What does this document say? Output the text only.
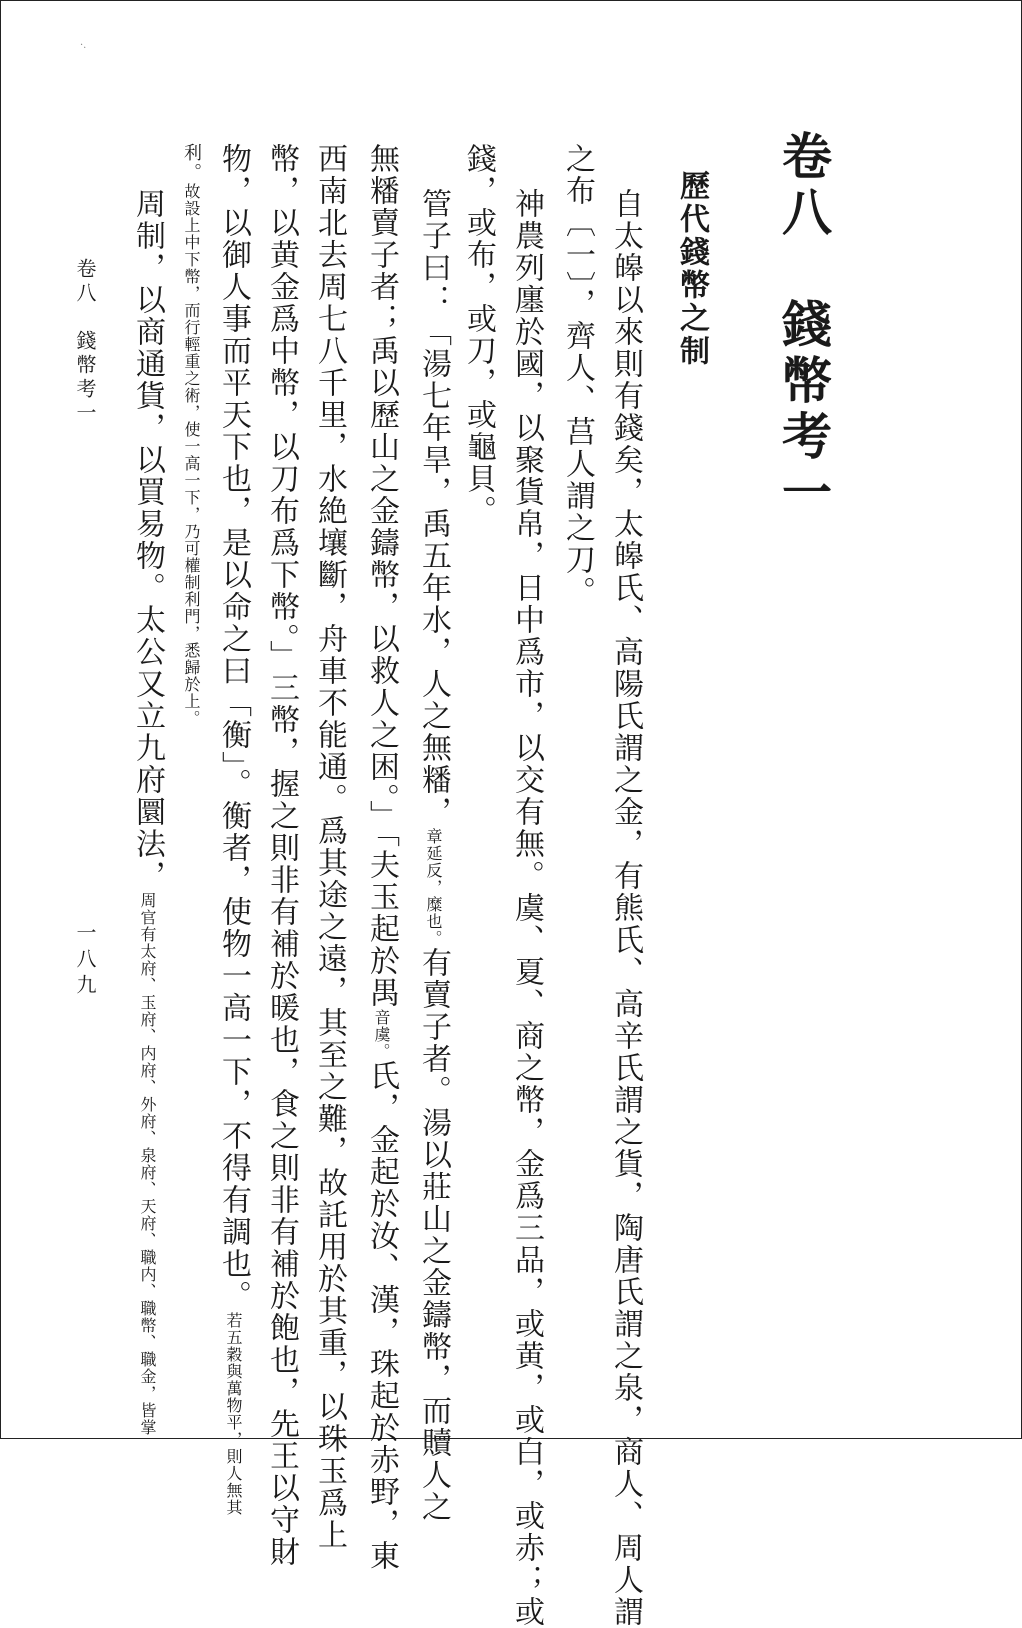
·.
卷八　錢幣考一
歷代錢幣之制
自太皞以來則有錢矣，太皞氏、高陽氏謂之金，有熊氏、高辛氏謂之貨，陶唐氏謂之泉，商人、周人謂
之布〔一〕，齊人、莒人謂之刀。
神農列廛於國，以聚貨帛，日中爲市，以交有無。虞、夏、商之幣，金爲三品，或黄，或白，或赤；或
錢，或布，或刀，或龜貝。
管子曰：「湯七年旱，禹五年水，人之無䊩，章延反，糜也。有賣子者。湯以莊山之金鑄幣，而贖人之
無䊩賣子者；禹以歷山之金鑄幣，以救人之困。」「夫玉起於禺音虞。氏，金起於汝、漢，珠起於赤野，東
西南北去周七八千里，水絶壤斷，舟車不能通。爲其途之遠，其至之難，故託用於其重，以珠玉爲上
幣，以黄金爲中幣，以刀布爲下幣。」三幣，握之則非有補於暖也，食之則非有補於飽也，先王以守財
物，以御人事而平天下也，是以命之曰「衡」。衡者，使物一高一下，不得有調也。若五穀與萬物平，則人無其
利。故設上中下幣，而行輕重之術，使一高一下，乃可權制利門，悉歸於上。
周制，以商通貨，以買易物。太公又立九府圜法，周官有太府、玉府、内府、外府、泉府、天府、職内、職幣、職金，皆掌
卷八　錢幣考一
一八九
